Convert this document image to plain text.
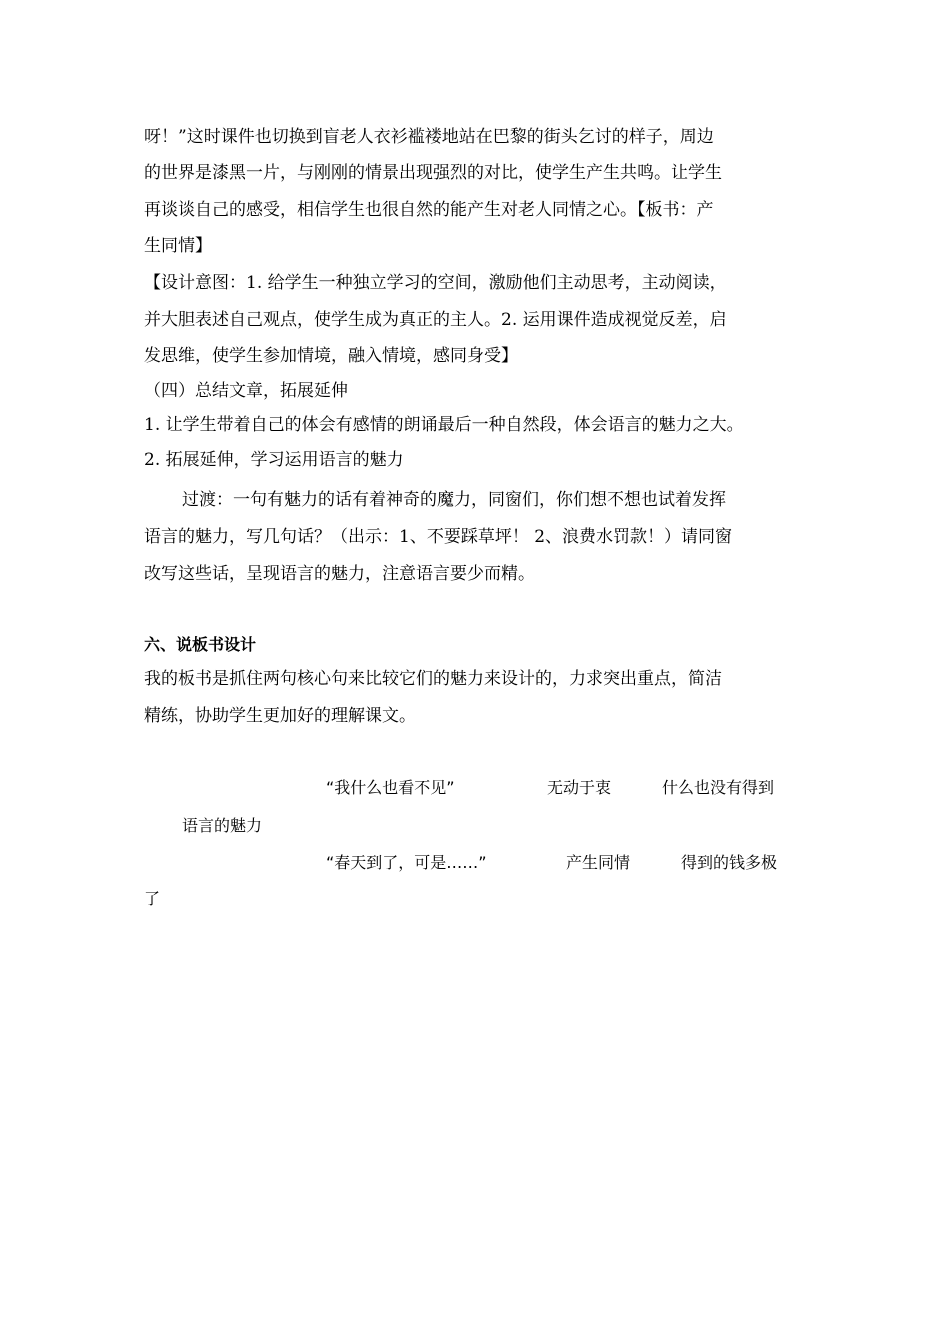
呀！”这时课件也切换到盲老人衣衫褴褛地站在巴黎的街头乞讨的样子，周边
的世界是漆黑一片，与刚刚的情景出现强烈的对比，使学生产生共鸣。让学生
再谈谈自己的感受，相信学生也很自然的能产生对老人同情之心。【板书：产
生同情】
【设计意图：1. 给学生一种独立学习的空间，激励他们主动思考，主动阅读，
并大胆表述自己观点，使学生成为真正的主人。2. 运用课件造成视觉反差，启
发思维，使学生参加情境，融入情境，感同身受】
（四）总结文章，拓展延伸
1. 让学生带着自己的体会有感情的朗诵最后一种自然段，体会语言的魅力之大。
2. 拓展延伸，学习运用语言的魅力
过渡：一句有魅力的话有着神奇的魔力，同窗们，你们想不想也试着发挥
语言的魅力，写几句话？（出示：1、不要踩草坪！ 2、浪费水罚款！）请同窗
改写这些话，呈现语言的魅力，注意语言要少而精。
六、说板书设计
我的板书是抓住两句核心句来比较它们的魅力来设计的，力求突出重点，简洁
精练，协助学生更加好的理解课文。
“我什么也看不见”	无动于衷	什么也没有得到
语言的魅力
“春天到了，可是……”	产生同情	得到的钱多极
了
